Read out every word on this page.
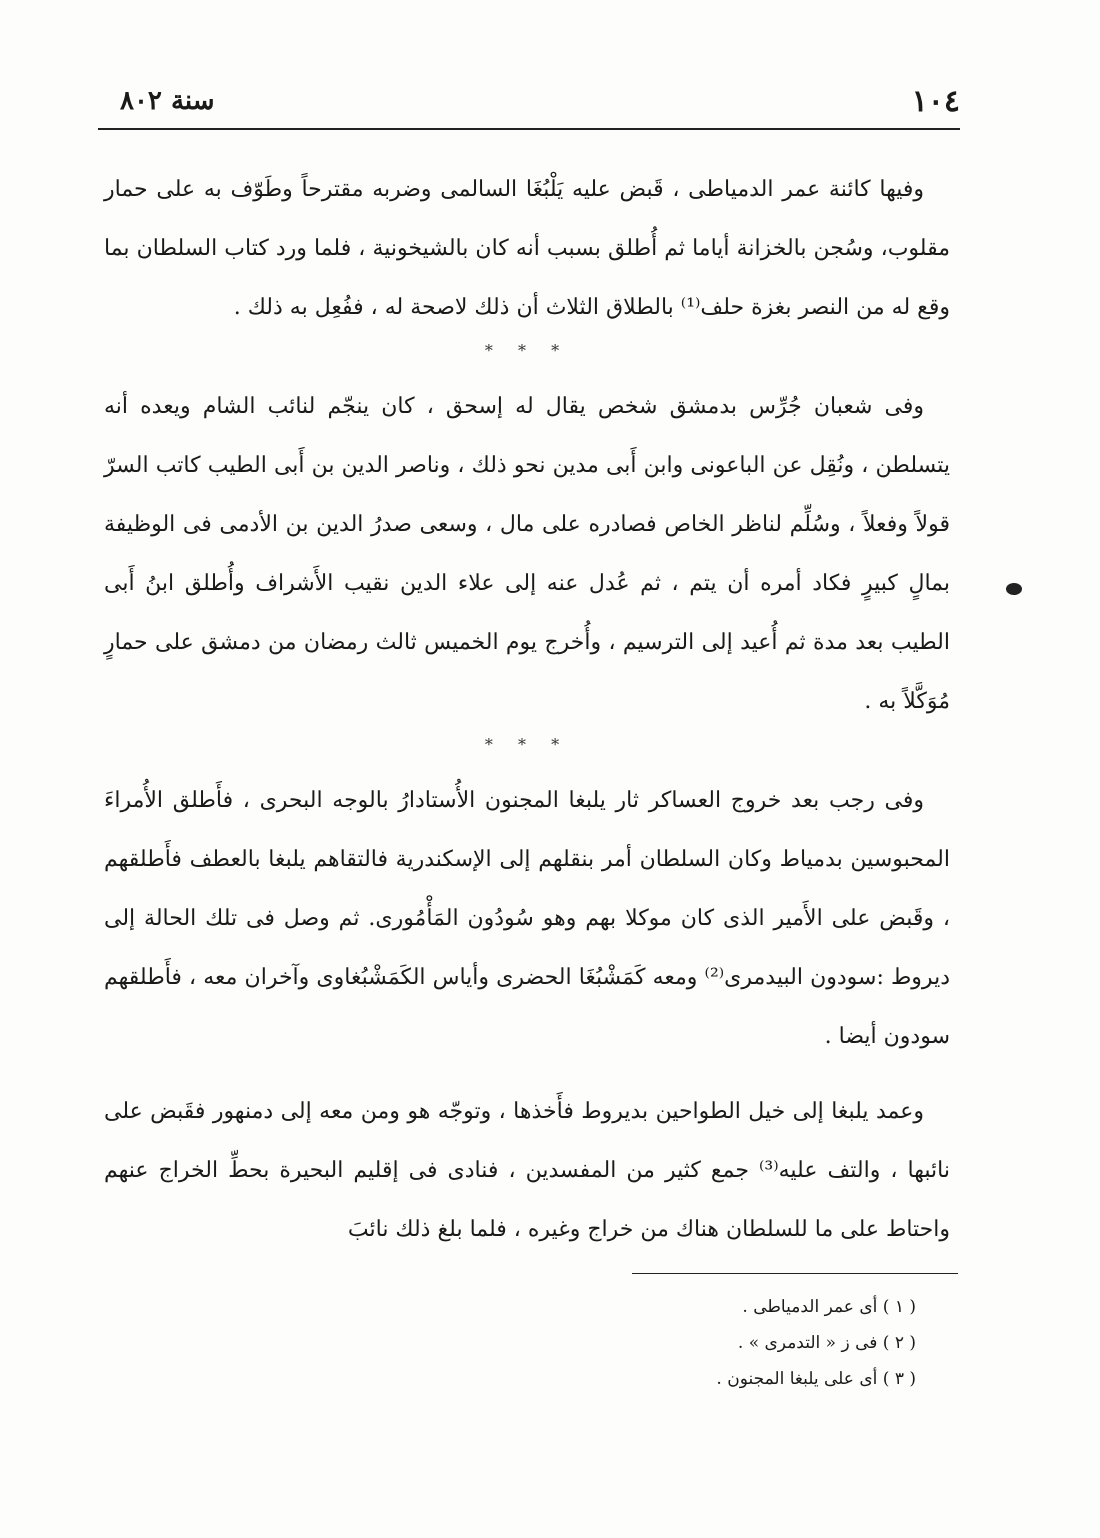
١٠٤
سنة ٨٠٢

وفيها كائنة عمر الدمياطى ، قَبض عليه يَلْبُغَا السالمى وضربه مقترحاً وطَوّف به على حمار مقلوب، وسُجن بالخزانة أياما ثم أُطلق بسبب أنه كان بالشيخونية ، فلما ورد كتاب السلطان بما وقع له من النصر بغزة حلف⁽¹⁾ بالطلاق الثلاث أن ذلك لاصحة له ، ففُعِل به ذلك .

* * *

وفى شعبان جُرِّس بدمشق شخص يقال له إسحق ، كان ينجّم لنائب الشام ويعده أنه يتسلطن ، ونُقِل عن الباعونى وابن أَبى مدين نحو ذلك ، وناصر الدين بن أَبى الطيب كاتب السرّ قولاً وفعلاً ، وسُلِّم لناظر الخاص فصادره على مال ، وسعى صدرُ الدين بن الأدمى فى الوظيفة بمالٍ كبيرٍ فكاد أمره أن يتم ، ثم عُدل عنه إلى علاء الدين نقيب الأَشراف وأُطلق ابنُ أَبى الطيب بعد مدة ثم أُعيد إلى الترسيم ، وأُخرج يوم الخميس ثالث رمضان من دمشق على حمارٍ مُوَكَّلاً به .

* * *

وفى رجب بعد خروج العساكر ثار يلبغا المجنون الأُستادارُ بالوجه البحرى ، فأَطلق الأُمراءَ المحبوسين بدمياط وكان السلطان أمر بنقلهم إلى الإسكندرية فالتقاهم يلبغا بالعطف فأَطلقهم ، وقَبض على الأَمير الذى كان موكلا بهم وهو سُودُون المَأْمُورى. ثم وصل فى تلك الحالة إلى ديروط :سودون البيدمرى⁽²⁾ ومعه كَمَشْبُغَا الحضرى وأياس الكَمَشْبُغاوى وآخران معه ، فأَطلقهم سودون أيضا .

وعمد يلبغا إلى خيل الطواحين بديروط فأَخذها ، وتوجّه هو ومن معه إلى دمنهور فقَبض على نائبها ، والتف عليه⁽³⁾ جمع كثير من المفسدين ، فنادى فى إقليم البحيرة بحطِّ الخراج عنهم واحتاط على ما للسلطان هناك من خراج وغيره ، فلما بلغ ذلك نائبَ

( ١ ) أى عمر الدمياطى .

( ٢ ) فى ز « التدمرى » .

( ٣ ) أى على يلبغا المجنون .
